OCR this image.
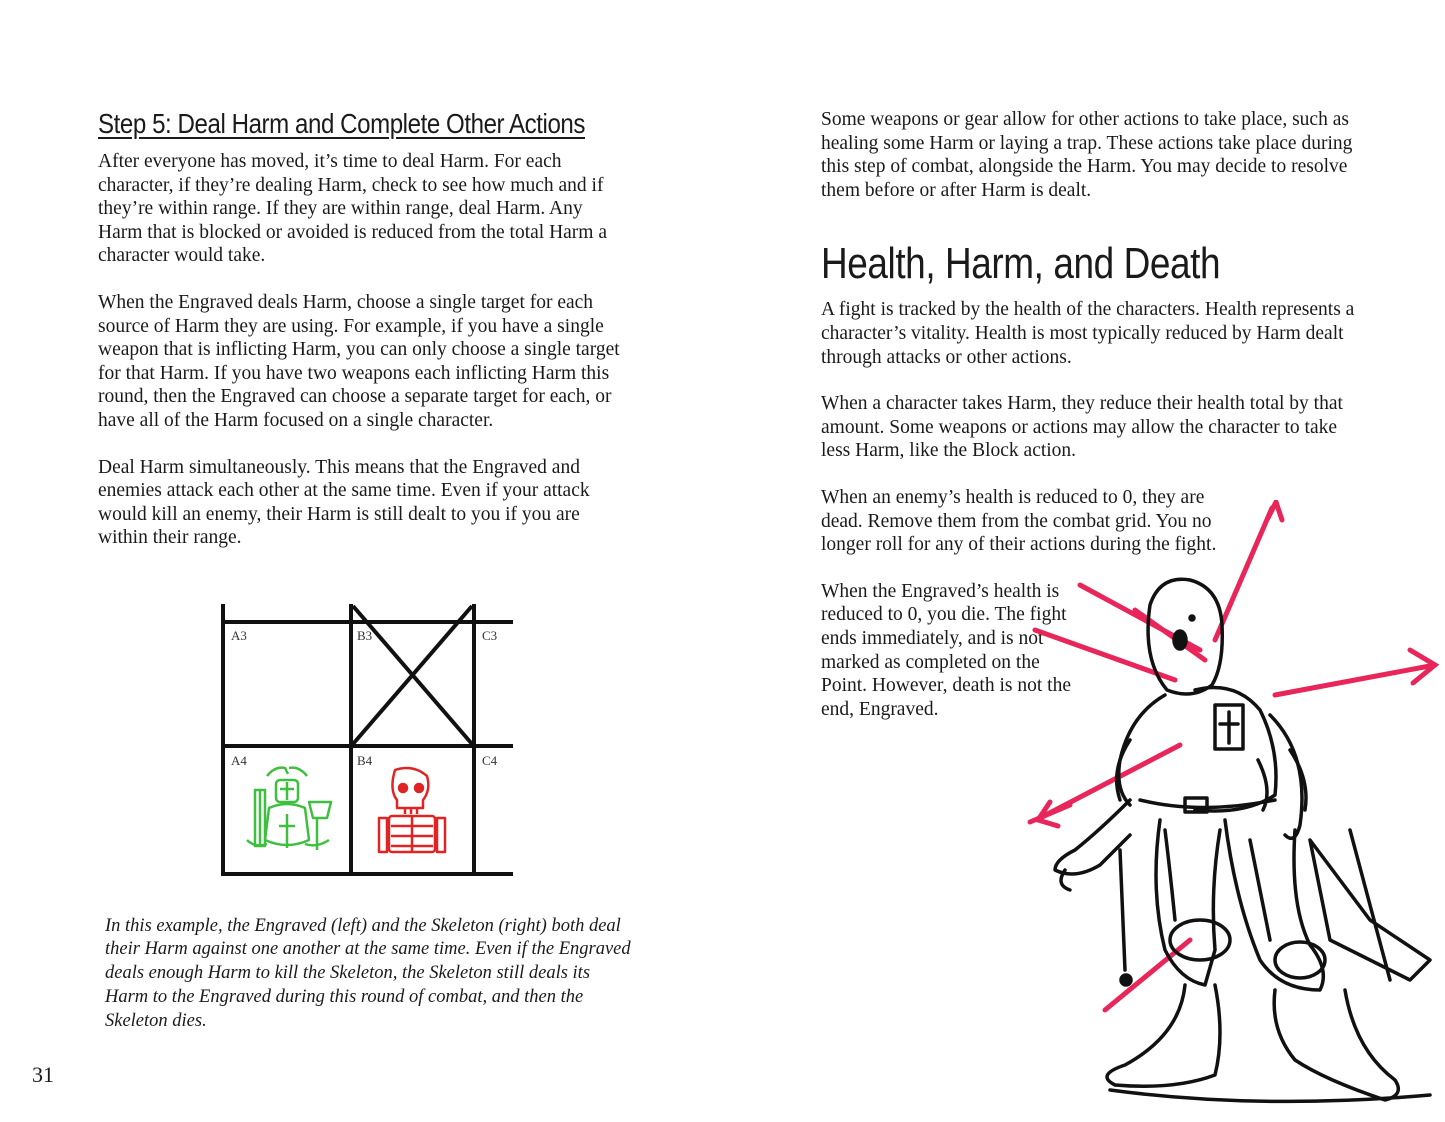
Step 5: Deal Harm and Complete Other Actions

After everyone has moved, it’s time to deal Harm. For each character, if they’re dealing Harm, check to see how much and if they’re within range. If they are within range, deal Harm. Any Harm that is blocked or avoided is reduced from the total Harm a character would take.

When the Engraved deals Harm, choose a single target for each source of Harm they are using. For example, if you have a single weapon that is inflicting Harm, you can only choose a single target for that Harm. If you have two weapons each inflicting Harm this round, then the Engraved can choose a separate target for each, or have all of the Harm focused on a single character.

Deal Harm simultaneously. This means that the Engraved and enemies attack each other at the same time. Even if your attack would kill an enemy, their Harm is still dealt to you if you are within their range.

A3	B3	C3
A4	B4	C4

In this example, the Engraved (left) and the Skeleton (right) both deal their Harm against one another at the same time. Even if the Engraved deals enough Harm to kill the Skeleton, the Skeleton still deals its Harm to the Engraved during this round of combat, and then the Skeleton dies.

31

Some weapons or gear allow for other actions to take place, such as healing some Harm or laying a trap. These actions take place during this step of combat, alongside the Harm. You may decide to resolve them before or after Harm is dealt.

Health, Harm, and Death

A fight is tracked by the health of the characters. Health represents a character’s vitality. Health is most typically reduced by Harm dealt through attacks or other actions.

When a character takes Harm, they reduce their health total by that amount. Some weapons or actions may allow the character to take less Harm, like the Block action.

When an enemy’s health is reduced to 0, they are dead. Remove them from the combat grid. You no longer roll for any of their actions during the fight.

When the Engraved’s health is reduced to 0, you die. The fight ends immediately, and is not marked as completed on the Point. However, death is not the end, Engraved.
